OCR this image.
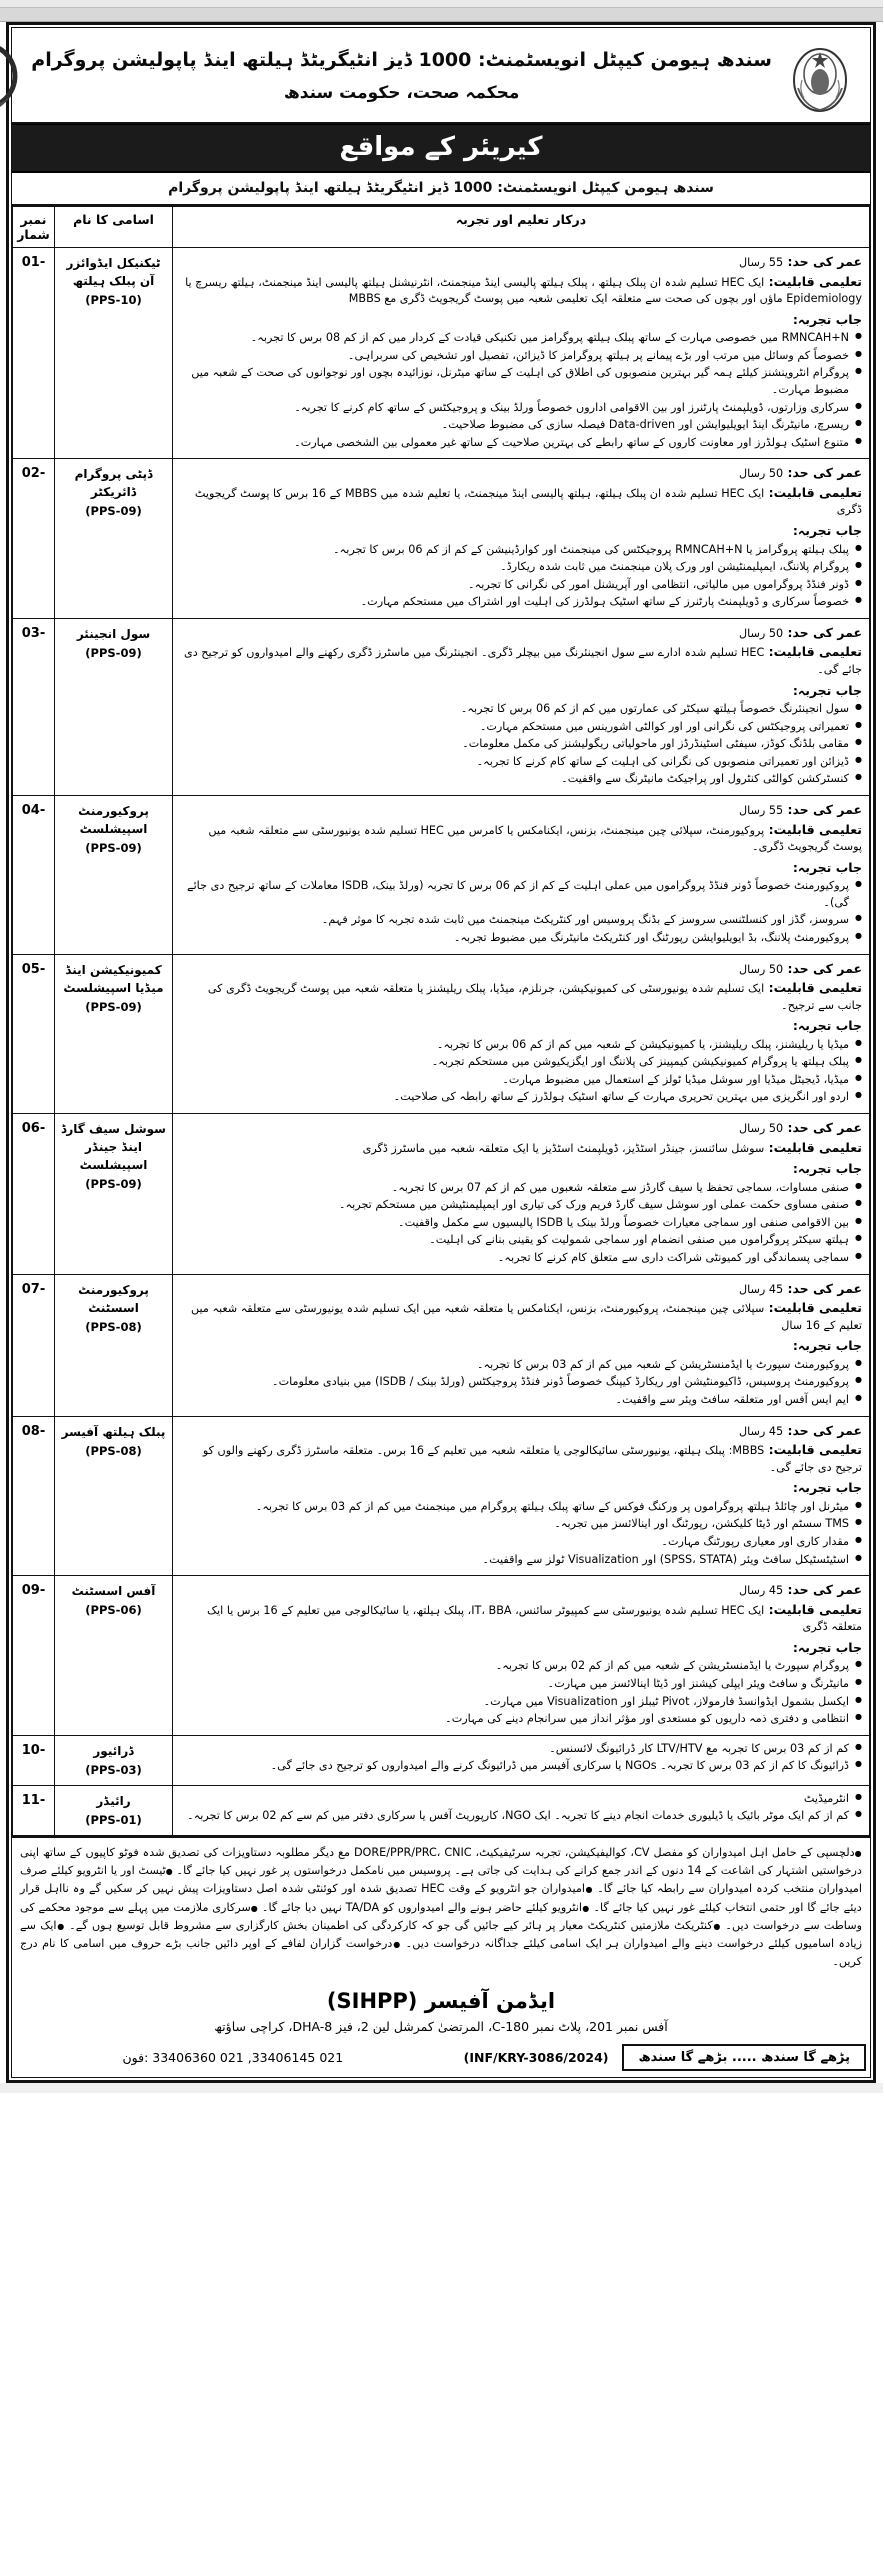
سندھ ہیومن کیپٹل انویسٹمنٹ: 1000 ڈیز انٹیگریٹڈ ہیلتھ اینڈ پاپولیشن پروگرام
محکمہ صحت، حکومت سندھ
کیریئر کے مواقع
سندھ ہیومن کیپٹل انویسٹمنٹ: 1000 ڈیز انٹیگریٹڈ ہیلتھ اینڈ پاپولیشن پروگرام
درکار تعلیم اور تجربہ	اسامی کا نام	نمبر شمار

عمر کی حد: 55 رسال
تعلیمی قابلیت: ایک HEC تسلیم شدہ ان پبلک ہیلتھ ، پبلک ہیلتھ پالیسی اینڈ مینجمنٹ، انٹرنیشنل ہیلتھ پالیسی اینڈ مینجمنٹ، ہیلتھ ریسرچ یا Epidemiology ماؤں اور بچوں کی صحت سے متعلقہ ایک تعلیمی شعبہ میں پوسٹ گریجویٹ ڈگری مع MBBS
جاب تجربہ:
● RMNCAH+N میں خصوصی مہارت کے ساتھ پبلک ہیلتھ پروگرامز میں تکنیکی قیادت کے کردار میں کم از کم 08 برس کا تجربہ۔
● خصوصاً کم وسائل میں مرتب اور بڑے پیمانے پر ہیلتھ پروگرامز کا ڈیزائن، تفصیل اور تشخیص کی سربراہی۔
● پروگرام انٹروینشنز کیلئے ہمہ گیر بہترین منصوبوں کی اطلاق کی اہلیت کے ساتھ میٹرنل، نوزائیدہ بچوں اور نوجوانوں کی صحت کے شعبہ میں مضبوط مہارت۔
● سرکاری وزارتوں، ڈویلپمنٹ پارٹنرز اور بین الاقوامی اداروں خصوصاً ورلڈ بینک و پروجیکٹس کے ساتھ کام کرنے کا تجربہ۔
● ریسرچ، مانیٹرنگ اینڈ ایویلیوایشن اور Data-driven فیصلہ سازی کی مضبوط صلاحیت۔
● متنوع اسٹیک ہولڈرز اور معاونت کاروں کے ساتھ رابطے کی بہترین صلاحیت کے ساتھ غیر معمولی بین الشخصی مہارت۔
	ٹیکنیکل ایڈوائزر آن پبلک ہیلتھ
(PPS-10)
	01-

عمر کی حد: 50 رسال
تعلیمی قابلیت: ایک HEC تسلیم شدہ ان پبلک ہیلتھ، ہیلتھ پالیسی اینڈ مینجمنٹ، یا تعلیم شدہ میں MBBS کے 16 برس کا پوسٹ گریجویٹ ڈگری
جاب تجربہ:
● پبلک ہیلتھ پروگرامز یا RMNCAH+N پروجیکٹس کی مینجمنٹ اور کوارڈینیشن کے کم از کم 06 برس کا تجربہ۔
● پروگرام پلاننگ، ایمپلیمنٹیشن اور ورک پلان مینجمنٹ میں ثابت شدہ ریکارڈ۔
● ڈونر فنڈڈ پروگراموں میں مالیاتی، انتظامی اور آپریشنل امور کی نگرانی کا تجربہ۔
● خصوصاً سرکاری و ڈویلپمنٹ پارٹنرز کے ساتھ اسٹیک ہولڈرز کی اہلیت اور اشتراک میں مستحکم مہارت۔
	ڈپٹی پروگرام ڈائریکٹر
(PPS-09)
	02-

عمر کی حد: 50 رسال
تعلیمی قابلیت: HEC تسلیم شدہ ادارے سے سول انجینئرنگ میں بیچلر ڈگری۔ انجینئرنگ میں ماسٹرز ڈگری رکھنے والے امیدواروں کو ترجیح دی جائے گی۔
جاب تجربہ:
● سول انجینئرنگ خصوصاً ہیلتھ سیکٹر کی عمارتوں میں کم از کم 06 برس کا تجربہ۔
● تعمیراتی پروجیکٹس کی نگرانی اور اور کوالٹی اشورینس میں مستحکم مہارت۔
● مقامی بلڈنگ کوڈز، سیفٹی اسٹینڈرڈز اور ماحولیاتی ریگولیشنز کی مکمل معلومات۔
● ڈیزائن اور تعمیراتی منصوبوں کی نگرانی کی اہلیت کے ساتھ کام کرنے کا تجربہ۔
● کنسٹرکشن کوالٹی کنٹرول اور پراجیکٹ مانیٹرنگ سے واقفیت۔
	سول انجینئر
(PPS-09)
	03-

عمر کی حد: 55 رسال
تعلیمی قابلیت: پروکیورمنٹ، سپلائی چین مینجمنٹ، بزنس، ایکنامکس یا کامرس میں HEC تسلیم شدہ یونیورسٹی سے متعلقہ شعبہ میں پوسٹ گریجویٹ ڈگری۔
جاب تجربہ:
● پروکیورمنٹ خصوصاً ڈونر فنڈڈ پروگراموں میں عملی اہلیت کے کم از کم 06 برس کا تجربہ (ورلڈ بینک، ISDB معاملات کے ساتھ ترجیح دی جائے گی)۔
● سروسز، گڈز اور کنسلٹنسی سروسز کے بڈنگ پروسیس اور کنٹریکٹ مینجمنٹ میں ثابت شدہ تجربہ کا موثر فہم۔
● پروکیورمنٹ پلاننگ، بڈ ایویلیوایشن رپورٹنگ اور کنٹریکٹ مانیٹرنگ میں مضبوط تجربہ۔
	پروکیورمنٹ اسپیشلسٹ
(PPS-09)
	04-

عمر کی حد: 50 رسال
تعلیمی قابلیت: ایک تسلیم شدہ یونیورسٹی کی کمیونیکیشن، جرنلزم، میڈیا، پبلک ریلیشنز یا متعلقہ شعبہ میں پوسٹ گریجویٹ ڈگری کی جانب سے ترجیح۔
جاب تجربہ:
● میڈیا یا ریلیشنز، پبلک ریلیشنز، یا کمیونیکیشن کے شعبہ میں کم از کم 06 برس کا تجربہ۔
● پبلک ہیلتھ یا پروگرام کمیونیکیشن کیمپینز کی پلاننگ اور ایگزیکیوشن میں مستحکم تجربہ۔
● میڈیا، ڈیجیٹل میڈیا اور سوشل میڈیا ٹولز کے استعمال میں مضبوط مہارت۔
● اردو اور انگریزی میں بہترین تحریری مہارت کے ساتھ اسٹیک ہولڈرز کے ساتھ رابطہ کی صلاحیت۔
	کمیونیکیشن اینڈ میڈیا اسپیشلسٹ
(PPS-09)
	05-

عمر کی حد: 50 رسال
تعلیمی قابلیت: سوشل سائنسز، جینڈر اسٹڈیز، ڈویلپمنٹ اسٹڈیز یا ایک متعلقہ شعبہ میں ماسٹرز ڈگری
جاب تجربہ:
● صنفی مساوات، سماجی تحفظ یا سیف گارڈز سے متعلقہ شعبوں میں کم از کم 07 برس کا تجربہ۔
● صنفی مساوی حکمت عملی اور سوشل سیف گارڈ فریم ورک کی تیاری اور ایمپلیمنٹیشن میں مستحکم تجربہ۔
● بین الاقوامی صنفی اور سماجی معیارات خصوصاً ورلڈ بینک یا ISDB پالیسیوں سے مکمل واقفیت۔
● ہیلتھ سیکٹر پروگراموں میں صنفی انضمام اور سماجی شمولیت کو یقینی بنانے کی اہلیت۔
● سماجی پسماندگی اور کمیونٹی شراکت داری سے متعلق کام کرنے کا تجربہ۔
	سوشل سیف گارڈ اینڈ جینڈر اسپیشلسٹ
(PPS-09)
	06-

عمر کی حد: 45 رسال
تعلیمی قابلیت: سپلائی چین مینجمنٹ، پروکیورمنٹ، بزنس، ایکنامکس یا متعلقہ شعبہ میں ایک تسلیم شدہ یونیورسٹی سے متعلقہ شعبہ میں تعلیم کے 16 سال
جاب تجربہ:
● پروکیورمنٹ سپورٹ یا ایڈمنسٹریشن کے شعبہ میں کم از کم 03 برس کا تجربہ۔
● پروکیورمنٹ پروسیس، ڈاکیومنٹیشن اور ریکارڈ کیپنگ خصوصاً ڈونر فنڈڈ پروجیکٹس (ورلڈ بینک / ISDB) میں بنیادی معلومات۔
● ایم ایس آفس اور متعلقہ سافٹ ویئر سے واقفیت۔
	پروکیورمنٹ اسسٹنٹ
(PPS-08)
	07-

عمر کی حد: 45 رسال
تعلیمی قابلیت: MBBS: پبلک ہیلتھ، یونیورسٹی سائیکالوجی یا متعلقہ شعبہ میں تعلیم کے 16 برس۔ متعلقہ ماسٹرز ڈگری رکھنے والوں کو ترجیح دی جائے گی۔
جاب تجربہ:
● میٹرنل اور چائلڈ ہیلتھ پروگراموں پر ورکنگ فوکس کے ساتھ پبلک ہیلتھ پروگرام میں مینجمنٹ میں کم از کم 03 برس کا تجربہ۔
● TMS سسٹم اور ڈیٹا کلیکشن، رپورٹنگ اور اینالائسز میں تجربہ۔
● مقدار کاری اور معیاری رپورٹنگ مہارت۔
● اسٹیٹسٹیکل سافٹ ویئر (SPSS، STATA) اور Visualization ٹولز سے واقفیت۔
	پبلک ہیلتھ آفیسر
(PPS-08)
	08-

عمر کی حد: 45 رسال
تعلیمی قابلیت: ایک HEC تسلیم شدہ یونیورسٹی سے کمپیوٹر سائنس، IT، BBA، پبلک ہیلتھ، یا سائیکالوجی میں تعلیم کے 16 برس یا ایک متعلقہ ڈگری
جاب تجربہ:
● پروگرام سپورٹ یا ایڈمنسٹریشن کے شعبہ میں کم از کم 02 برس کا تجربہ۔
● مانیٹرنگ و سافٹ ویئر ایپلی کیشنز اور ڈیٹا اینالائسز میں مہارت۔
● ایکسل بشمول ایڈوانسڈ فارمولاز، Pivot ٹیبلز اور Visualization میں مہارت۔
● انتظامی و دفتری ذمہ داریوں کو مستعدی اور مؤثر انداز میں سرانجام دینے کی مہارت۔
	آفس اسسٹنٹ
(PPS-06)
	09-

● کم از کم 03 برس کا تجربہ مع LTV/HTV کار ڈرائیونگ لائسنس۔
● ڈرائیونگ کا کم از کم 03 برس کا تجربہ۔ NGOs یا سرکاری آفیسر میں ڈرائیونگ کرنے والے امیدواروں کو ترجیح دی جائے گی۔
	ڈرائیور
(PPS-03)
	10-

● انٹرمیڈیٹ
● کم از کم ایک موٹر بائیک یا ڈیلیوری خدمات انجام دینے کا تجربہ۔ ایک NGO، کارپوریٹ آفس یا سرکاری دفتر میں کم سے کم 02 برس کا تجربہ۔
	رائیڈر
(PPS-01)
	11-
● دلچسپی کے حامل اہل امیدواران کو مفصل CV، کوالیفیکیشن، تجربہ سرٹیفیکیٹ، DORE/PPR/PRC، CNIC مع دیگر مطلوبہ دستاویزات کی تصدیق شدہ فوٹو کاپیوں کے ساتھ اپنی درخواستیں اشتہار کی اشاعت کے 14 دنوں کے اندر جمع کرانے کی ہدایت کی جاتی ہے۔ پروسیس میں نامکمل درخواستوں پر غور نہیں کیا جائے گا۔ ● ٹیسٹ اور یا انٹرویو کیلئے صرف امیدواران منتخب کردہ امیدواران سے رابطہ کیا جائے گا۔ ● امیدواران جو انٹرویو کے وقت HEC تصدیق شدہ اور کوئنٹی شدہ اصل دستاویزات پیش نہیں کر سکیں گے وہ نااہل قرار دیئے جائے گا اور حتمی انتخاب کیلئے غور نہیں کیا جائے گا۔ ● انٹرویو کیلئے حاضر ہونے والے امیدواروں کو TA/DA نہیں دیا جائے گا۔ ● سرکاری ملازمت میں پہلے سے موجود محکمے کی وساطت سے درخواست دیں۔ ● کنٹریکٹ ملازمتیں کنٹریکٹ معیار پر ہائر کیے جائیں گی جو کہ کارکردگی کی اطمینان بخش کارگزاری سے مشروط قابل توسیع ہوں گے۔ ● ایک سے زیادہ اسامیوں کیلئے درخواست دینے والے امیدواران ہر ایک اسامی کیلئے جداگانہ درخواست دیں۔ ● درخواست گزاران لفافے کے اوپر دائیں جانب بڑے حروف میں اسامی کا نام درج کریں۔
ایڈمن آفیسر (SIHPP)
آفس نمبر 201، پلاٹ نمبر C-180، المرتضیٰ کمرشل لین 2، فیز DHA-8، کراچی ساؤتھ
پڑھے گا سندھ ..... بڑھے گا سندھ
(INF/KRY-3086/2024)
021 33406145, 021 33406360 :فون
